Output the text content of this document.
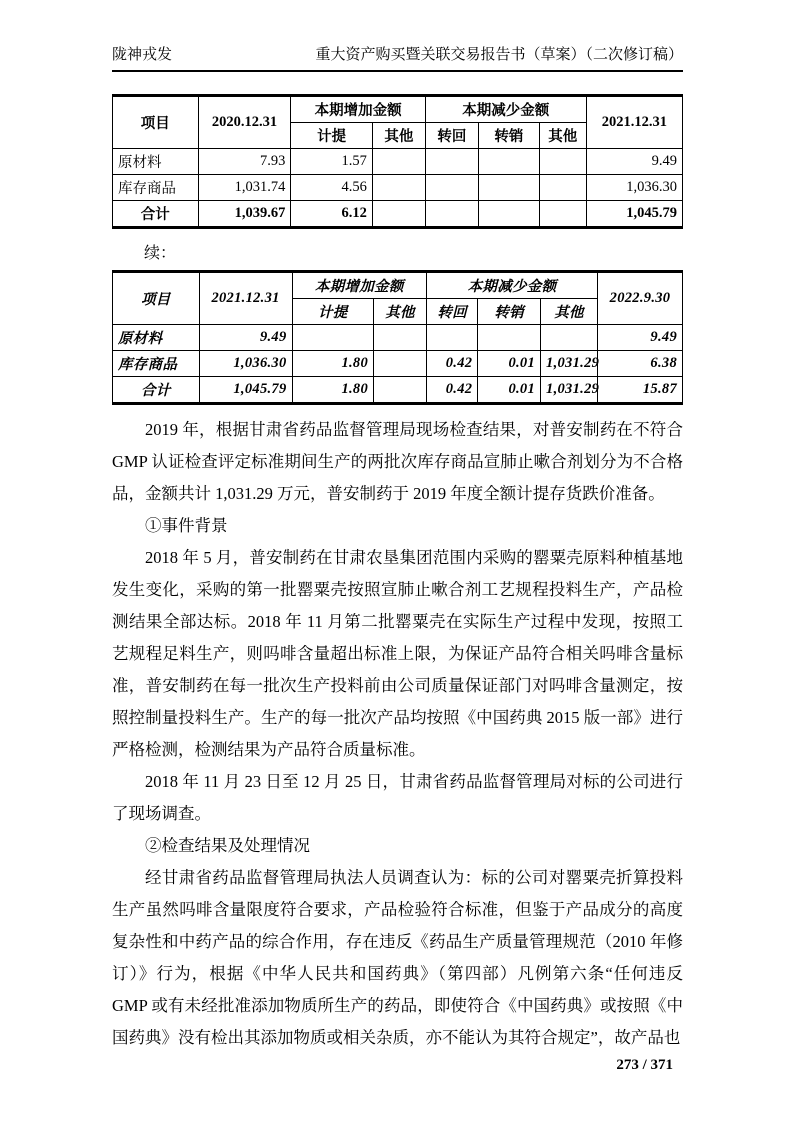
陇神戎发	重大资产购买暨关联交易报告书（草案）（二次修订稿）
项目	2020.12.31	本期增加金额		本期减少金额			2021.12.31
		计提	其他	转回	转销	其他	
原材料	7.93	1.57					9.49
库存商品	1,031.74	4.56					1,036.30
合计	1,039.67	6.12					1,045.79
续：
项目	2021.12.31	本期增加金额		本期减少金额			2022.9.30
		计提	其他	转回	转销	其他	
原材料	9.49						9.49
库存商品	1,036.30	1.80		0.42	0.01	1,031.29	6.38
合计	1,045.79	1.80		0.42	0.01	1,031.29	15.87

2019 年，根据甘肃省药品监督管理局现场检查结果，对普安制药在不符合 GMP 认证检查评定标准期间生产的两批次库存商品宣肺止嗽合剂划分为不合格品，金额共计 1,031.29 万元，普安制药于 2019 年度全额计提存货跌价准备。

①事件背景

2018 年 5 月，普安制药在甘肃农垦集团范围内采购的罂粟壳原料种植基地发生变化，采购的第一批罂粟壳按照宣肺止嗽合剂工艺规程投料生产，产品检测结果全部达标。2018 年 11 月第二批罂粟壳在实际生产过程中发现，按照工艺规程足料生产，则吗啡含量超出标准上限，为保证产品符合相关吗啡含量标准，普安制药在每一批次生产投料前由公司质量保证部门对吗啡含量测定，按照控制量投料生产。生产的每一批次产品均按照《中国药典 2015 版一部》进行严格检测，检测结果为产品符合质量标准。

2018 年 11 月 23 日至 12 月 25 日，甘肃省药品监督管理局对标的公司进行了现场调查。

②检查结果及处理情况

经甘肃省药品监督管理局执法人员调查认为：标的公司对罂粟壳折算投料生产虽然吗啡含量限度符合要求，产品检验符合标准，但鉴于产品成分的高度复杂性和中药产品的综合作用，存在违反《药品生产质量管理规范（2010 年修订）》行为，根据《中华人民共和国药典》（第四部）凡例第六条“任何违反 GMP 或有未经批准添加物质所生产的药品，即使符合《中国药典》或按照《中国药典》没有检出其添加物质或相关杂质，亦不能认为其符合规定”，故产品也

273 / 371
